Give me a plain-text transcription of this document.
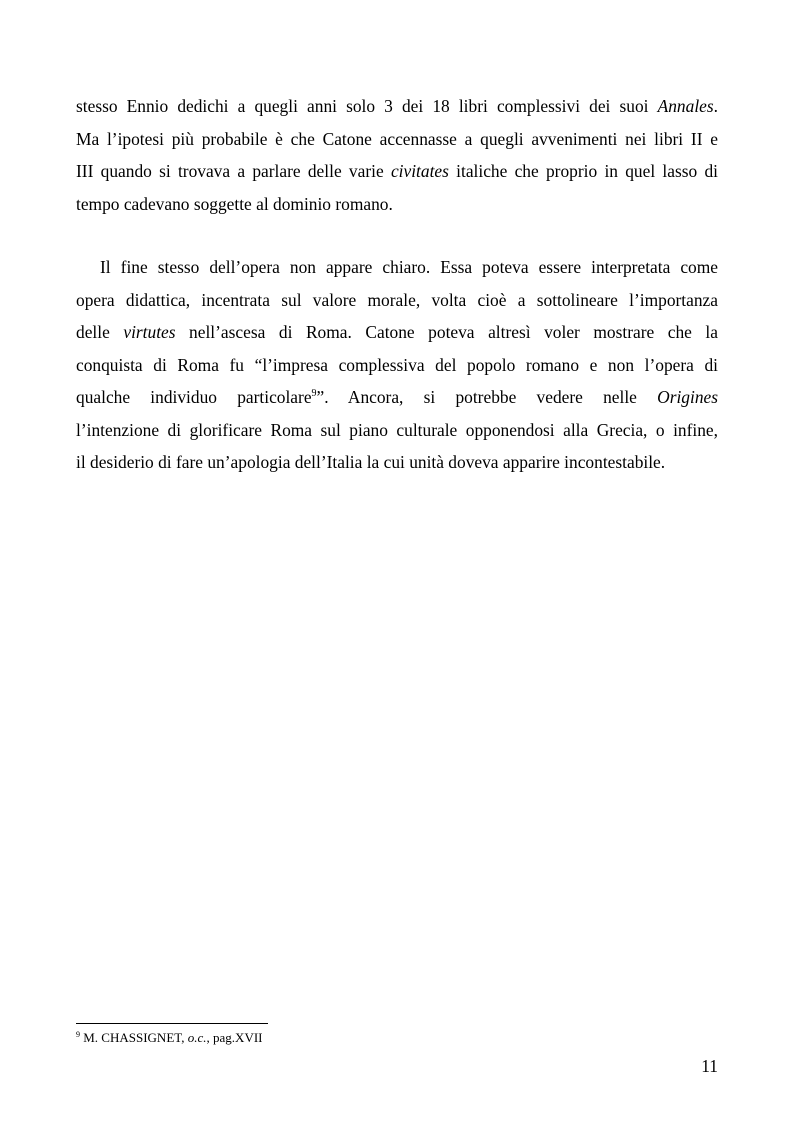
stesso Ennio dedichi a quegli anni solo 3 dei 18 libri complessivi dei suoi Annales.
Ma l’ipotesi più probabile è che Catone accennasse a quegli avvenimenti nei libri II e
III quando si trovava a parlare delle varie civitates italiche che proprio in quel lasso di
tempo cadevano soggette al dominio romano.

Il fine stesso dell’opera non appare chiaro. Essa poteva essere interpretata come
opera didattica, incentrata sul valore morale, volta cioè a sottolineare l’importanza
delle virtutes nell’ascesa di Roma. Catone poteva altresì voler mostrare che la
conquista di Roma fu “l’impresa complessiva del popolo romano e non l’opera di
qualche individuo particolare$^9$”. Ancora, si potrebbe vedere nelle Origines
l’intenzione di glorificare Roma sul piano culturale opponendosi alla Grecia, o infine,
il desiderio di fare un’apologia dell’Italia la cui unità doveva apparire incontestabile.

$^9$ M. CHASSIGNET, o.c., pag.XVII
11
